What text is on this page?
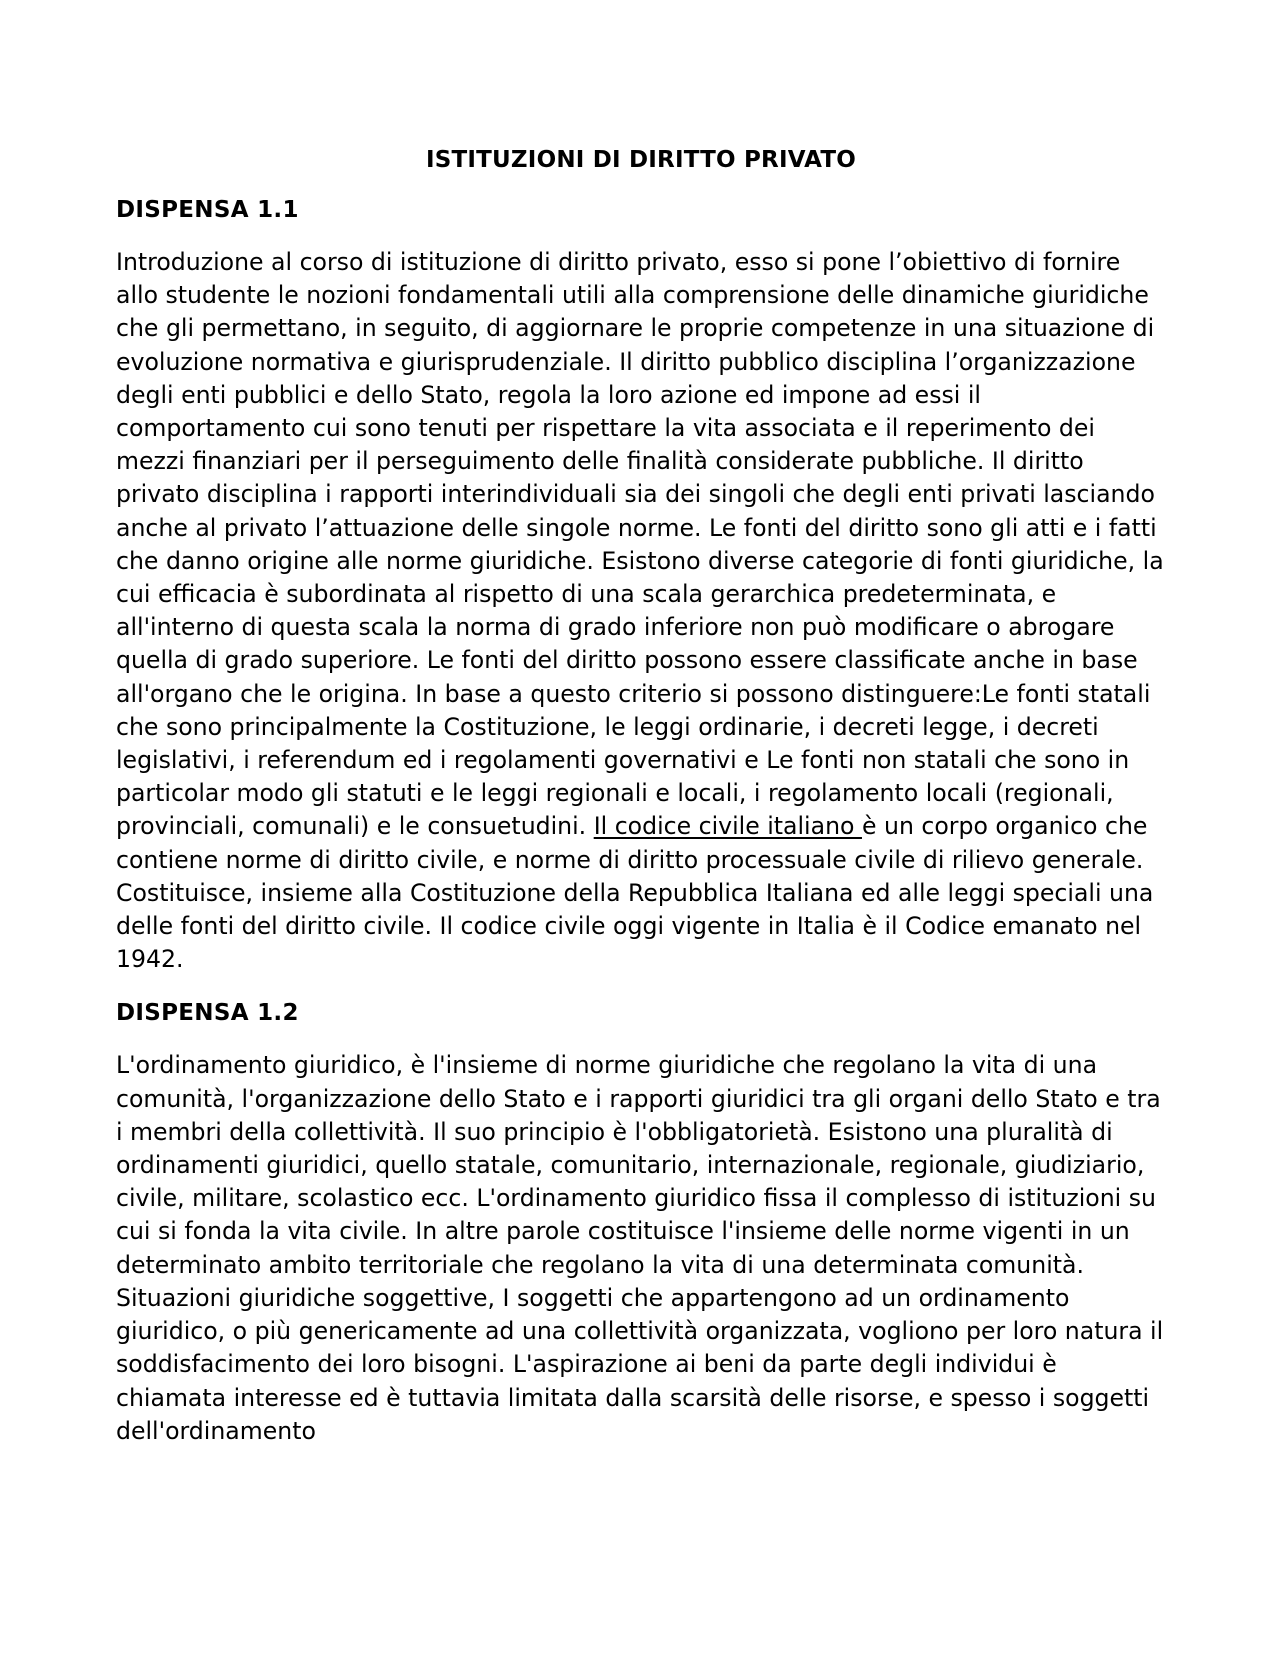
ISTITUZIONI DI DIRITTO PRIVATO
DISPENSA 1.1

Introduzione al corso di istituzione di diritto privato, esso si pone l’obiettivo di fornire allo studente le nozioni fondamentali utili alla comprensione delle dinamiche giuridiche che gli permettano, in seguito, di aggiornare le proprie competenze in una situazione di evoluzione normativa e giurisprudenziale. Il diritto pubblico disciplina l’organizzazione degli enti pubblici e dello Stato, regola la loro azione ed impone ad essi il comportamento cui sono tenuti per rispettare la vita associata e il reperimento dei mezzi finanziari per il perseguimento delle finalità considerate pubbliche. Il diritto privato disciplina i rapporti interindividuali sia dei singoli che degli enti privati lasciando anche al privato l’attuazione delle singole norme. Le fonti del diritto sono gli atti e i fatti che danno origine alle norme giuridiche. Esistono diverse categorie di fonti giuridiche, la cui efficacia è subordinata al rispetto di una scala gerarchica predeterminata, e all'interno di questa scala la norma di grado inferiore non può modificare o abrogare quella di grado superiore. Le fonti del diritto possono essere classificate anche in base all'organo che le origina. In base a questo criterio si possono distinguere:Le fonti statali che sono principalmente la Costituzione, le leggi ordinarie, i decreti legge, i decreti legislativi, i referendum ed i regolamenti governativi e Le fonti non statali che sono in particolar modo gli statuti e le leggi regionali e locali, i regolamento locali (regionali, provinciali, comunali) e le consuetudini. Il codice civile italiano è un corpo organico che contiene norme di diritto civile, e norme di diritto processuale civile di rilievo generale. Costituisce, insieme alla Costituzione della Repubblica Italiana ed alle leggi speciali una delle fonti del diritto civile. Il codice civile oggi vigente in Italia è il Codice emanato nel 1942.

DISPENSA 1.2

L'ordinamento giuridico, è l'insieme di norme giuridiche che regolano la vita di una comunità, l'organizzazione dello Stato e i rapporti giuridici tra gli organi dello Stato e tra i membri della collettività. Il suo principio è l'obbligatorietà. Esistono una pluralità di ordinamenti giuridici, quello statale, comunitario, internazionale, regionale, giudiziario, civile, militare, scolastico ecc. L'ordinamento giuridico fissa il complesso di istituzioni su cui si fonda la vita civile. In altre parole costituisce l'insieme delle norme vigenti in un determinato ambito territoriale che regolano la vita di una determinata comunità. Situazioni giuridiche soggettive, I soggetti che appartengono ad un ordinamento giuridico, o più genericamente ad una collettività organizzata, vogliono per loro natura il soddisfacimento dei loro bisogni. L'aspirazione ai beni da parte degli individui è chiamata interesse ed è tuttavia limitata dalla scarsità delle risorse, e spesso i soggetti dell'ordinamento
